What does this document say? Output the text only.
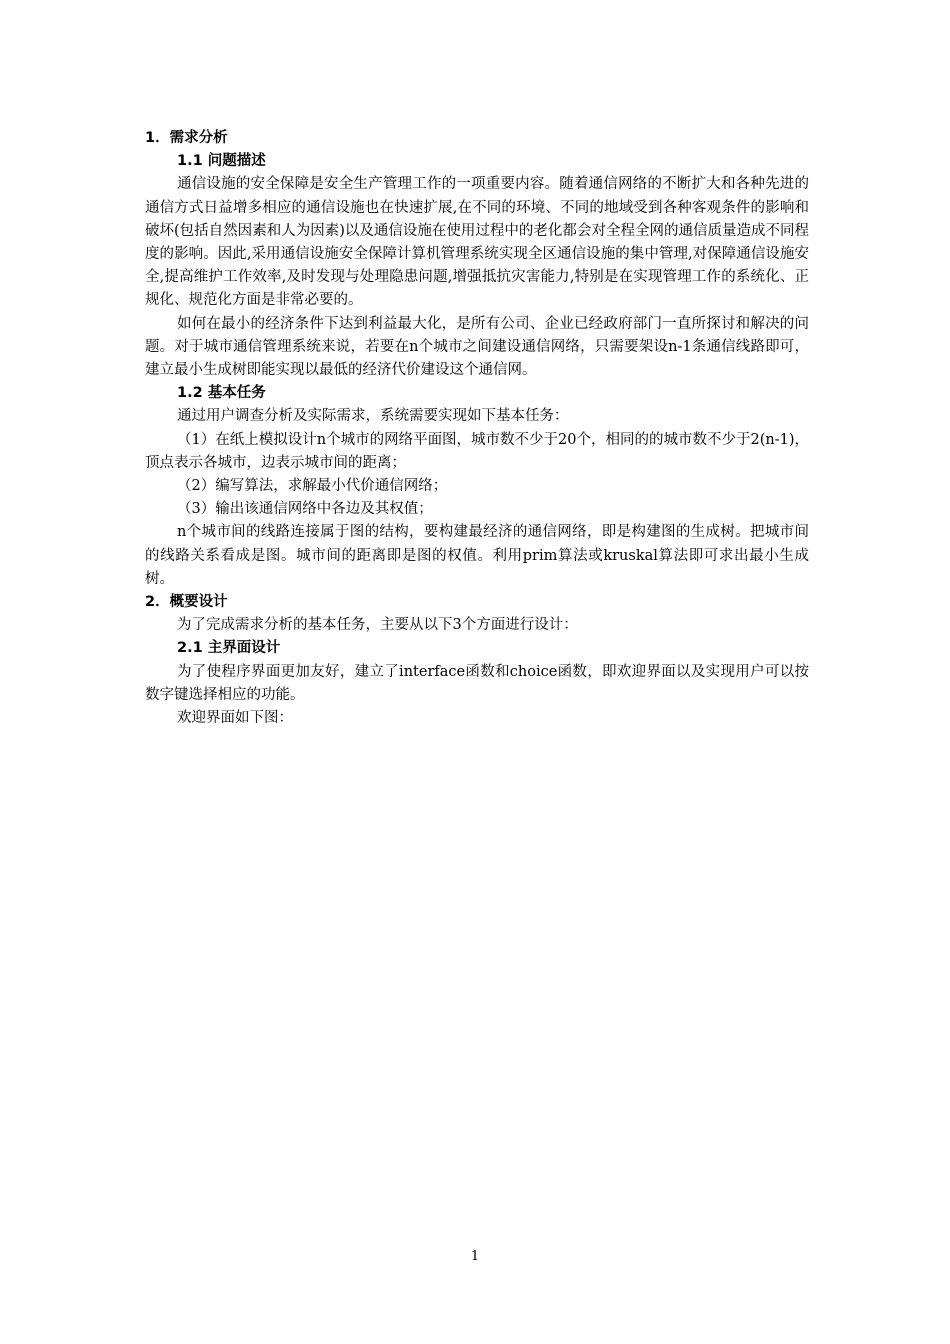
1．需求分析
1.1 问题描述
通信设施的安全保障是安全生产管理工作的一项重要内容。随着通信网络的不断扩大和各种先进的通信方式日益增多相应的通信设施也在快速扩展,在不同的环境、不同的地域受到各种客观条件的影响和破坏(包括自然因素和人为因素)以及通信设施在使用过程中的老化都会对全程全网的通信质量造成不同程度的影响。因此,采用通信设施安全保障计算机管理系统实现全区通信设施的集中管理,对保障通信设施安全,提高维护工作效率,及时发现与处理隐患问题,增强抵抗灾害能力,特别是在实现管理工作的系统化、正规化、规范化方面是非常必要的。
如何在最小的经济条件下达到利益最大化，是所有公司、企业已经政府部门一直所探讨和解决的问题。对于城市通信管理系统来说，若要在n个城市之间建设通信网络，只需要架设n-1条通信线路即可，建立最小生成树即能实现以最低的经济代价建设这个通信网。
1.2 基本任务
通过用户调查分析及实际需求，系统需要实现如下基本任务：
（1）在纸上模拟设计n个城市的网络平面图，城市数不少于20个，相同的的城市数不少于2(n-1)，顶点表示各城市，边表示城市间的距离；
（2）编写算法，求解最小代价通信网络；
（3）输出该通信网络中各边及其权值；
n个城市间的线路连接属于图的结构，要构建最经济的通信网络，即是构建图的生成树。把城市间的线路关系看成是图。城市间的距离即是图的权值。利用prim算法或kruskal算法即可求出最小生成树。
2．概要设计
为了完成需求分析的基本任务，主要从以下3个方面进行设计：
2.1 主界面设计
为了使程序界面更加友好，建立了interface函数和choice函数，即欢迎界面以及实现用户可以按数字键选择相应的功能。
欢迎界面如下图：
1
